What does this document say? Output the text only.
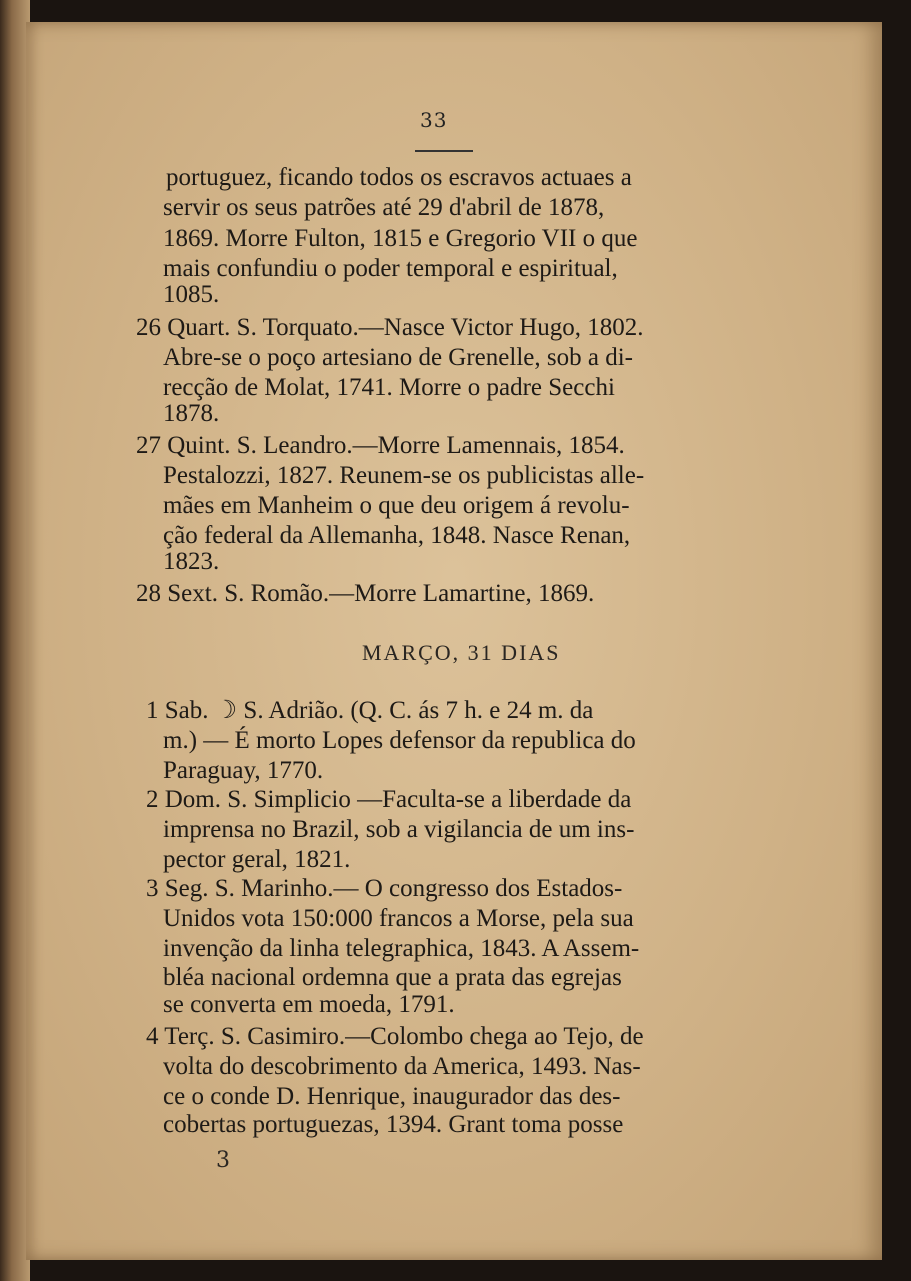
33
portuguez, ficando todos os escravos actuaes a
servir os seus patrões até 29 d'abril de 1878,
1869. Morre Fulton, 1815 e Gregorio VII o que
mais confundiu o poder temporal e espiritual,
1085.
26 Quart. S. Torquato.—Nasce Victor Hugo, 1802.
Abre-se o poço artesiano de Grenelle, sob a di-
recção de Molat, 1741. Morre o padre Secchi
1878.
27 Quint. S. Leandro.—Morre Lamennais, 1854.
Pestalozzi, 1827. Reunem-se os publicistas alle-
mães em Manheim o que deu origem á revolu-
ção federal da Allemanha, 1848. Nasce Renan,
1823.
28 Sext. S. Romão.—Morre Lamartine, 1869.
MARÇO, 31 DIAS
1 Sab. ☽ S. Adrião. (Q. C. ás 7 h. e 24 m. da
m.) — É morto Lopes defensor da republica do
Paraguay, 1770.
2 Dom. S. Simplicio —Faculta-se a liberdade da
imprensa no Brazil, sob a vigilancia de um ins-
pector geral, 1821.
3 Seg. S. Marinho.— O congresso dos Estados-
Unidos vota 150:000 francos a Morse, pela sua
invenção da linha telegraphica, 1843. A Assem-
bléa nacional ordemna que a prata das egrejas
se converta em moeda, 1791.
4 Terç. S. Casimiro.—Colombo chega ao Tejo, de
volta do descobrimento da America, 1493. Nas-
ce o conde D. Henrique, inaugurador das des-
cobertas portuguezas, 1394. Grant toma posse
3
